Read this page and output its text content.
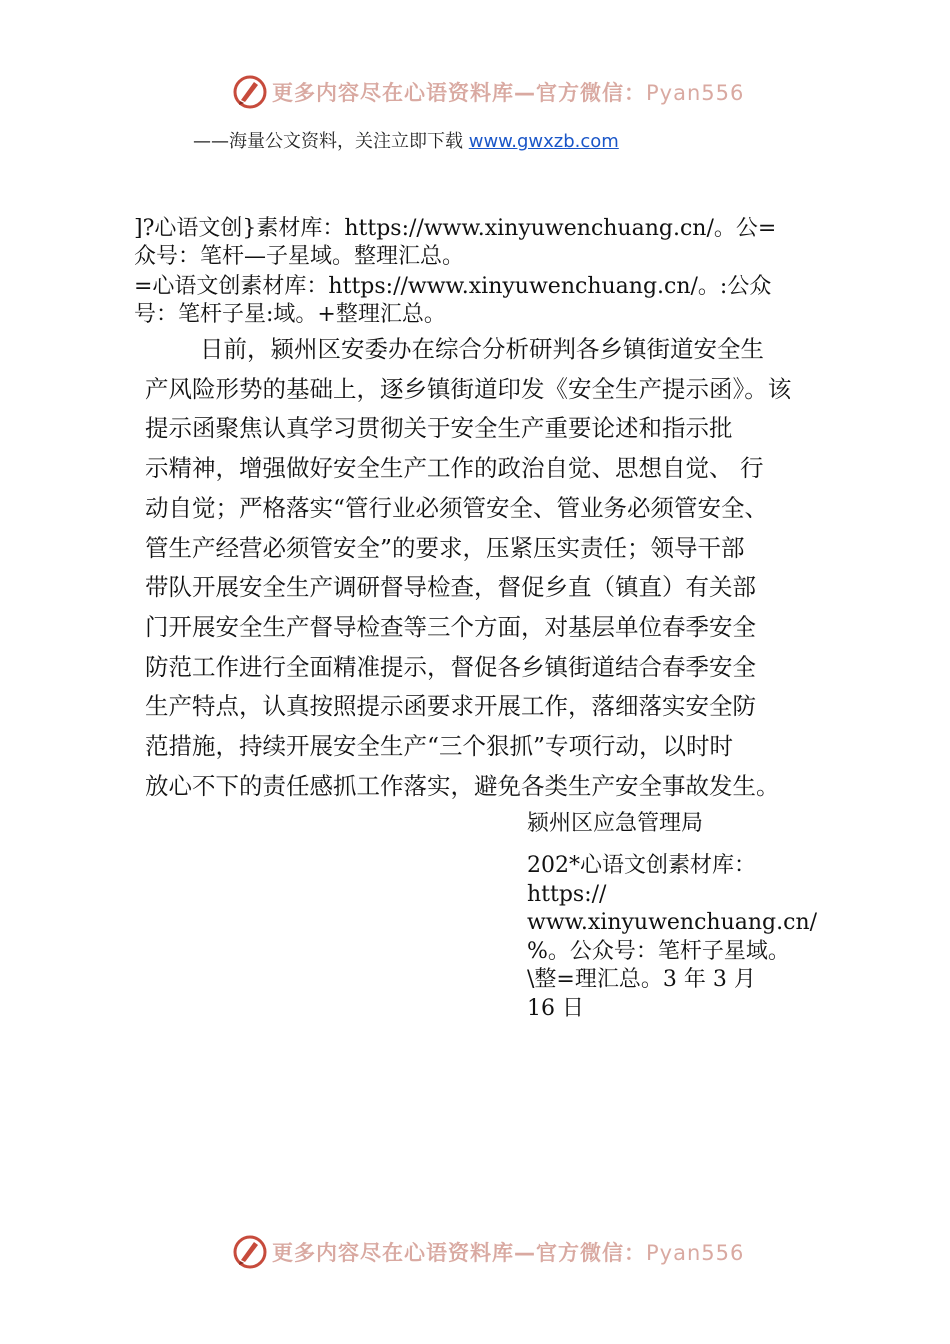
更多内容尽在心语资料库—官方微信：Pyan556
——海量公文资料，关注立即下载 www.gwxzb.com

]?心语文创}素材库：https://www.xinyuwenchuang.cn/。公=

众号：笔杆—子星域。整理汇总。

=心语文创素材库：https://www.xinyuwenchuang.cn/。:公众

号：笔杆子星:域。+整理汇总。

　　日前，颍州区安委办在综合分析研判各乡镇街道安全生
产风险形势的基础上，逐乡镇街道印发《安全生产提示函》。该
提示函聚焦认真学习贯彻关于安全生产重要论述和指示批
示精神，增强做好安全生产工作的政治自觉、思想自觉、 行
动自觉；严格落实“管行业必须管安全、管业务必须管安全、
管生产经营必须管安全”的要求，压紧压实责任；领导干部
带队开展安全生产调研督导检查，督促乡直（镇直）有关部
门开展安全生产督导检查等三个方面，对基层单位春季安全
防范工作进行全面精准提示，督促各乡镇街道结合春季安全
生产特点，认真按照提示函要求开展工作，落细落实安全防
范措施，持续开展安全生产“三个狠抓”专项行动，以时时
放心不下的责任感抓工作落实，避免各类生产安全事故发生。
颍州区应急管理局
202*心语文创素材库：
https://
www.xinyuwenchuang.cn/
%。公众号：笔杆子星域。
\整=理汇总。3 年 3 月
16 日
更多内容尽在心语资料库—官方微信：Pyan556
